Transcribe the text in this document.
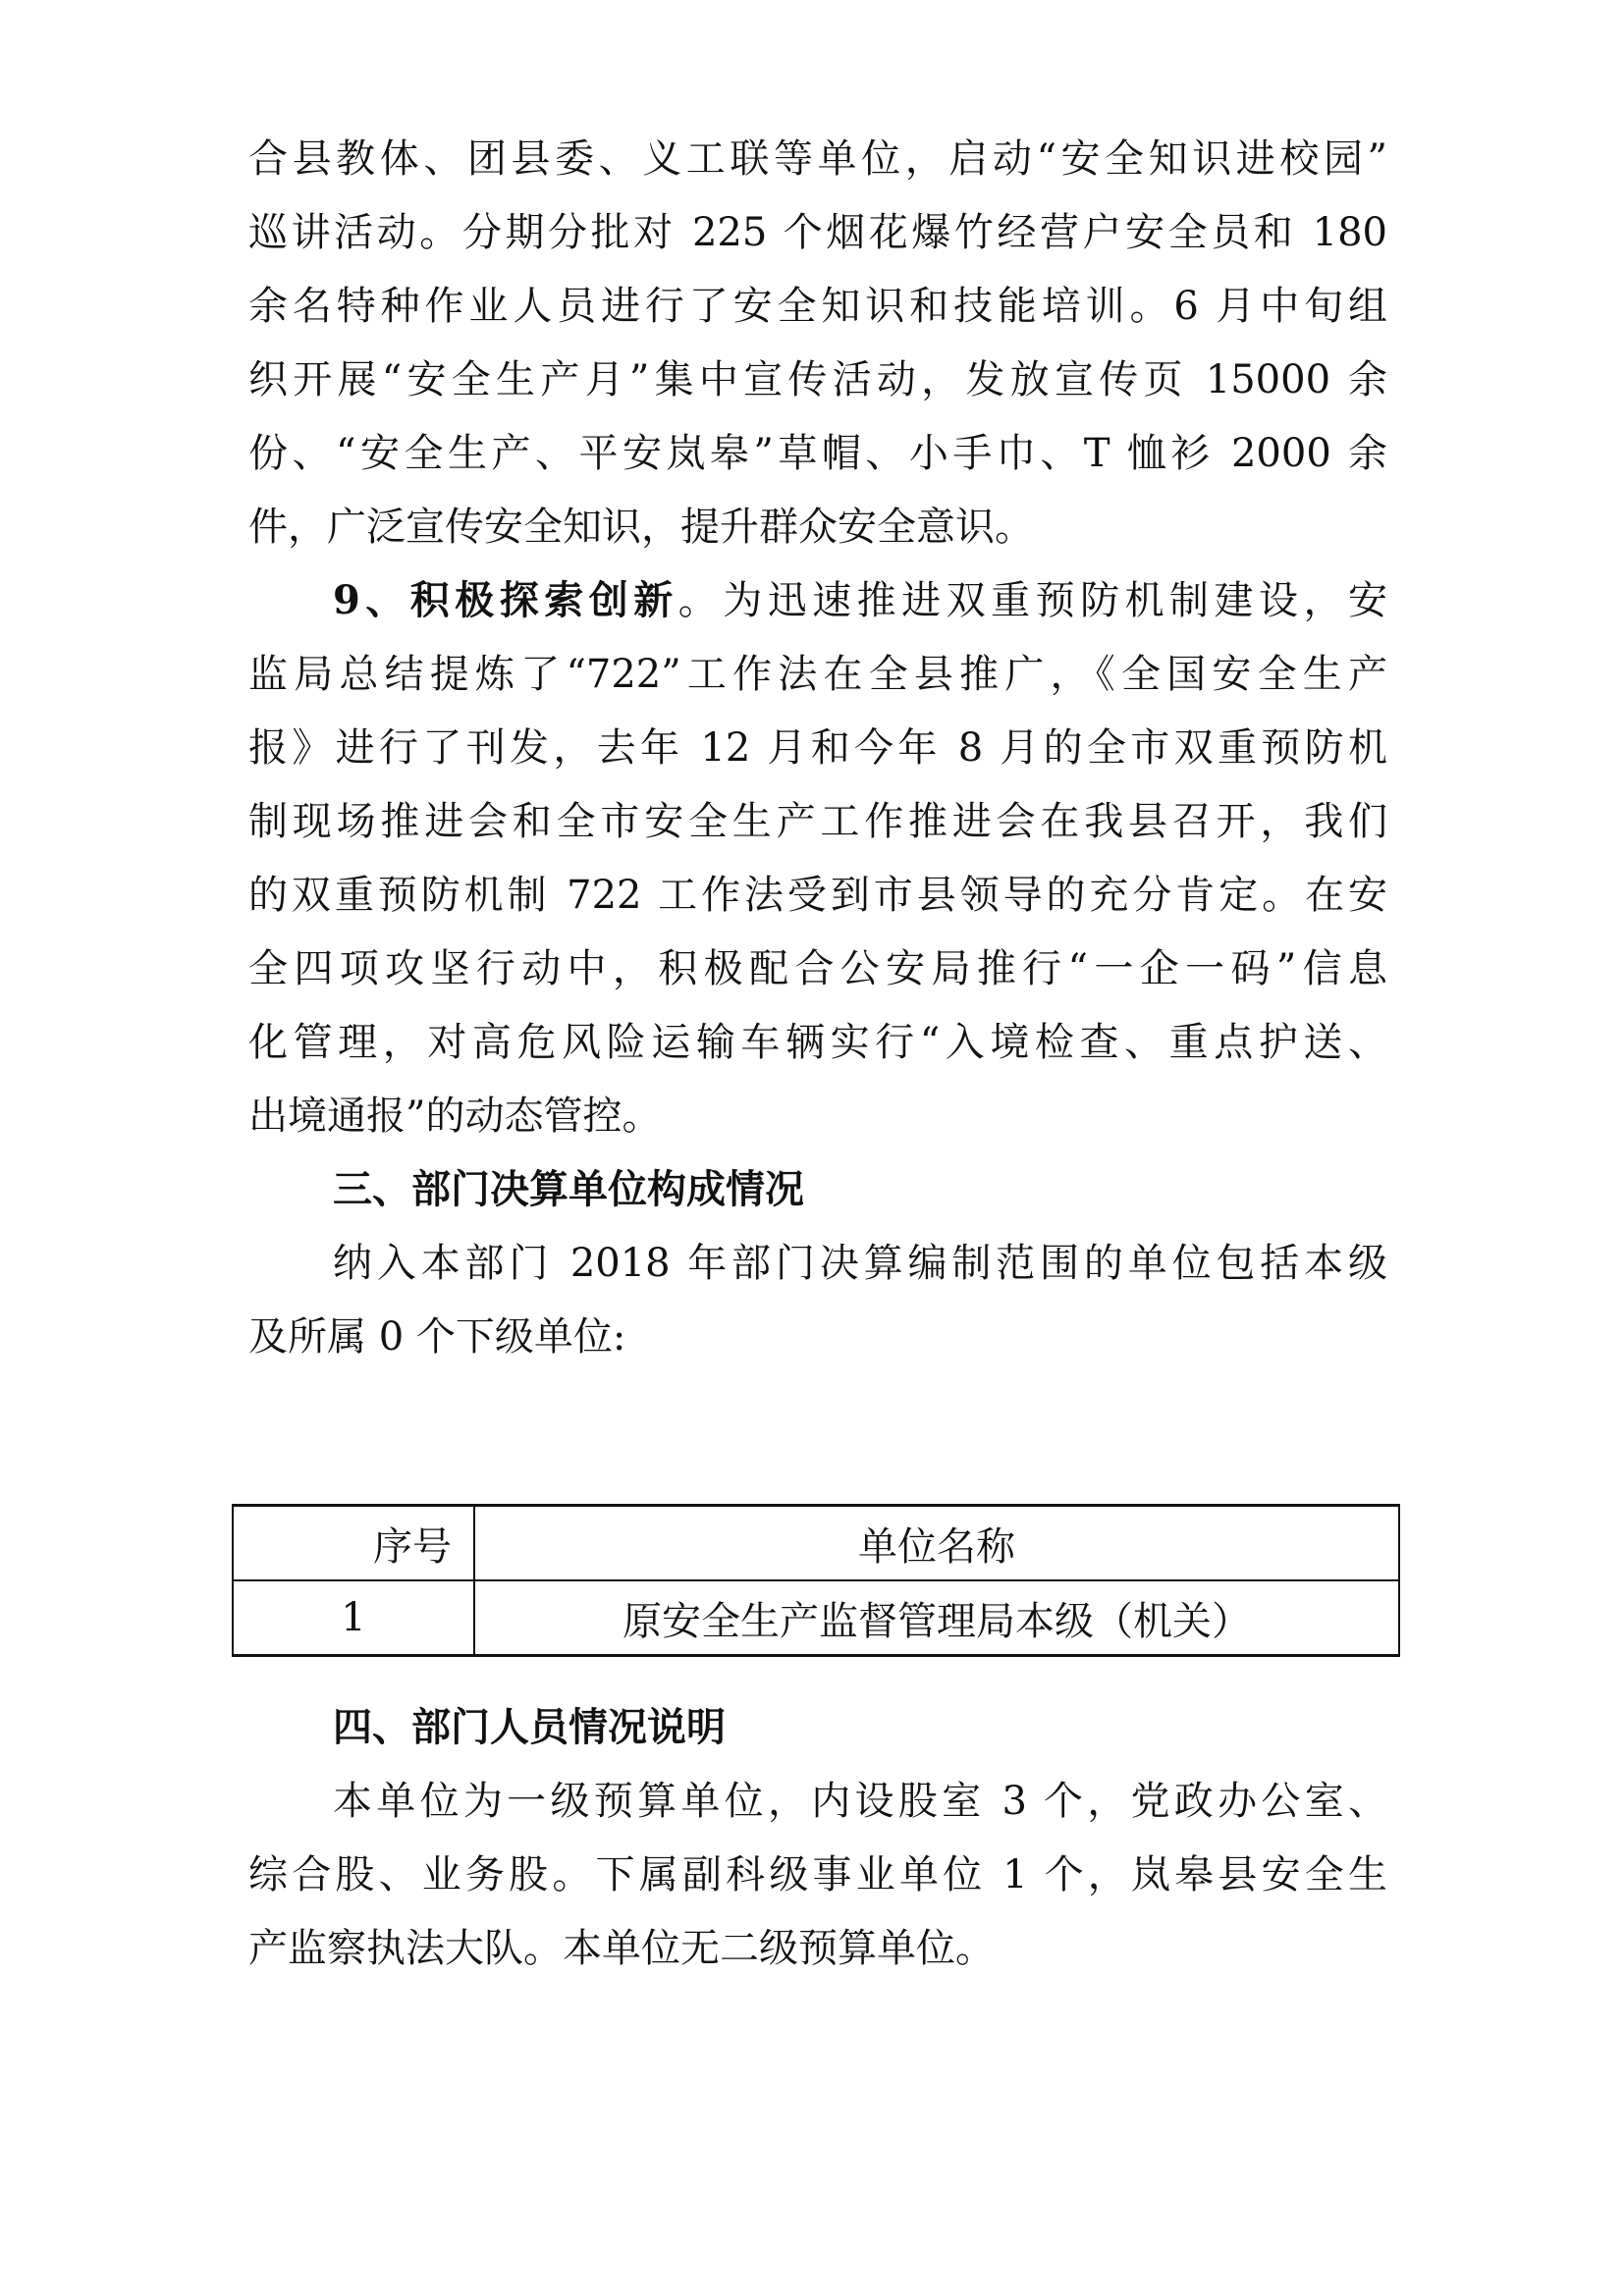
合县教体、团县委、义工联等单位，启动“安全知识进校园”
巡讲活动。分期分批对 225 个烟花爆竹经营户安全员和 180
余名特种作业人员进行了安全知识和技能培训。6 月中旬组
织开展“安全生产月”集中宣传活动，发放宣传页 15000 余
份、“安全生产、平安岚皋”草帽、小手巾、T 恤衫 2000 余
件，广泛宣传安全知识，提升群众安全意识。
9、积极探索创新。为迅速推进双重预防机制建设，安
监局总结提炼了“722”工作法在全县推广，《全国安全生产
报》进行了刊发，去年 12 月和今年 8 月的全市双重预防机
制现场推进会和全市安全生产工作推进会在我县召开，我们
的双重预防机制 722 工作法受到市县领导的充分肯定。在安
全四项攻坚行动中，积极配合公安局推行“一企一码”信息
化管理，对高危风险运输车辆实行“入境检查、重点护送、
出境通报”的动态管控。
三、部门决算单位构成情况
纳入本部门 2018 年部门决算编制范围的单位包括本级
及所属 0 个下级单位:
序号	单位名称
1	原安全生产监督管理局本级（机关）
四、部门人员情况说明
本单位为一级预算单位，内设股室 3 个，党政办公室、
综合股、业务股。下属副科级事业单位 1 个，岚皋县安全生
产监察执法大队。本单位无二级预算单位。
